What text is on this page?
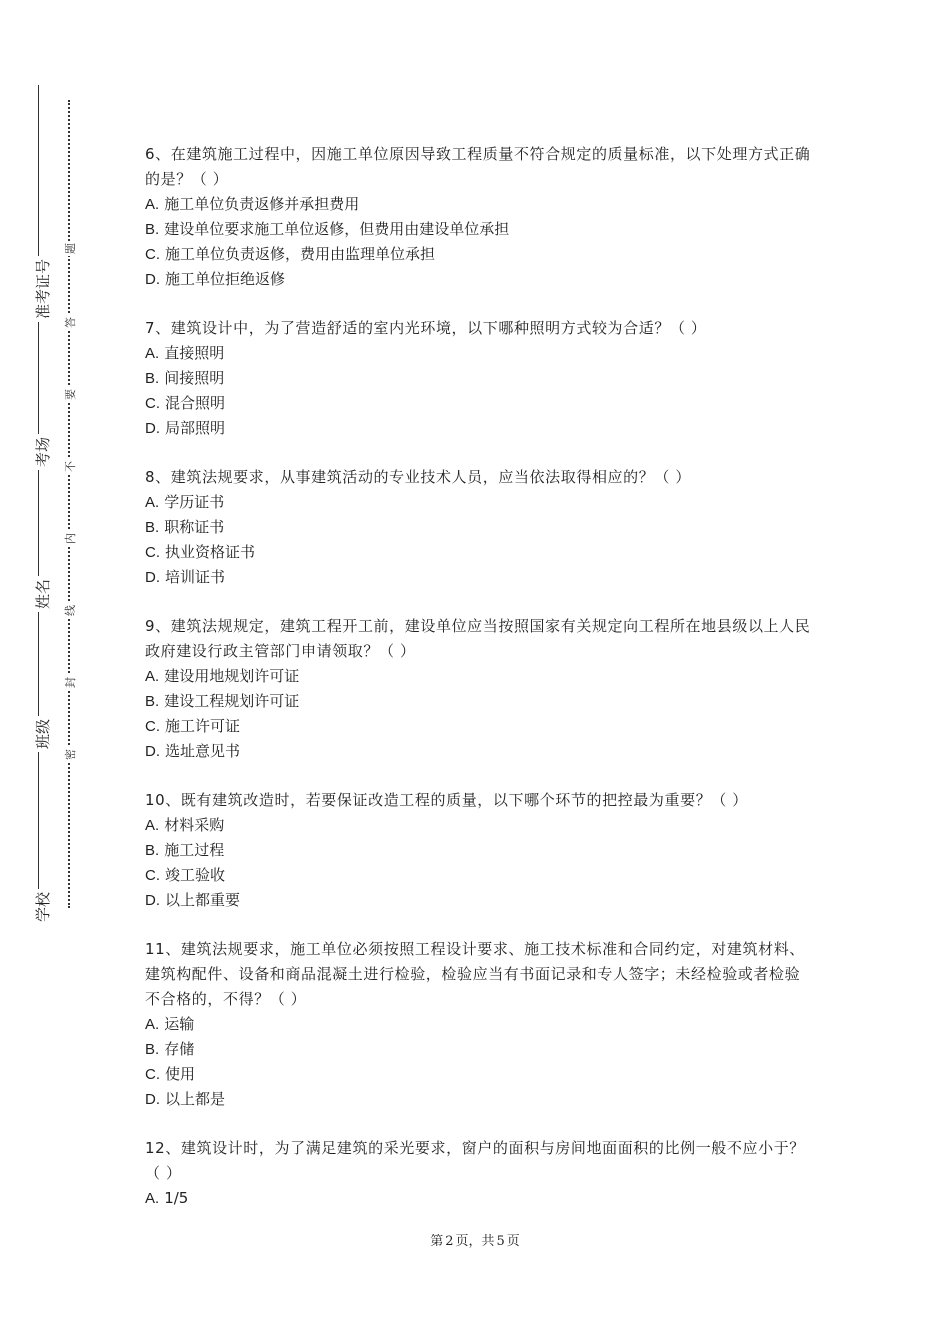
准考证号
考场
姓名
班级
学校
题
答
要
不
内
线
封
密
6、在建筑施工过程中，因施工单位原因导致工程质量不符合规定的质量标准，以下处理方式正确的是？（ ）
A. 施工单位负责返修并承担费用
B. 建设单位要求施工单位返修，但费用由建设单位承担
C. 施工单位负责返修，费用由监理单位承担
D. 施工单位拒绝返修
7、建筑设计中，为了营造舒适的室内光环境，以下哪种照明方式较为合适？（ ）
A. 直接照明
B. 间接照明
C. 混合照明
D. 局部照明
8、建筑法规要求，从事建筑活动的专业技术人员，应当依法取得相应的？（ ）
A. 学历证书
B. 职称证书
C. 执业资格证书
D. 培训证书
9、建筑法规规定，建筑工程开工前，建设单位应当按照国家有关规定向工程所在地县级以上人民政府建设行政主管部门申请领取？（ ）
A. 建设用地规划许可证
B. 建设工程规划许可证
C. 施工许可证
D. 选址意见书
10、既有建筑改造时，若要保证改造工程的质量，以下哪个环节的把控最为重要？（ ）
A. 材料采购
B. 施工过程
C. 竣工验收
D. 以上都重要
11、建筑法规要求，施工单位必须按照工程设计要求、施工技术标准和合同约定，对建筑材料、建筑构配件、设备和商品混凝土进行检验，检验应当有书面记录和专人签字；未经检验或者检验不合格的，不得？（ ）
A. 运输
B. 存储
C. 使用
D. 以上都是
12、建筑设计时，为了满足建筑的采光要求，窗户的面积与房间地面面积的比例一般不应小于？（ ）
A. 1/5
第 2 页，共 5 页
